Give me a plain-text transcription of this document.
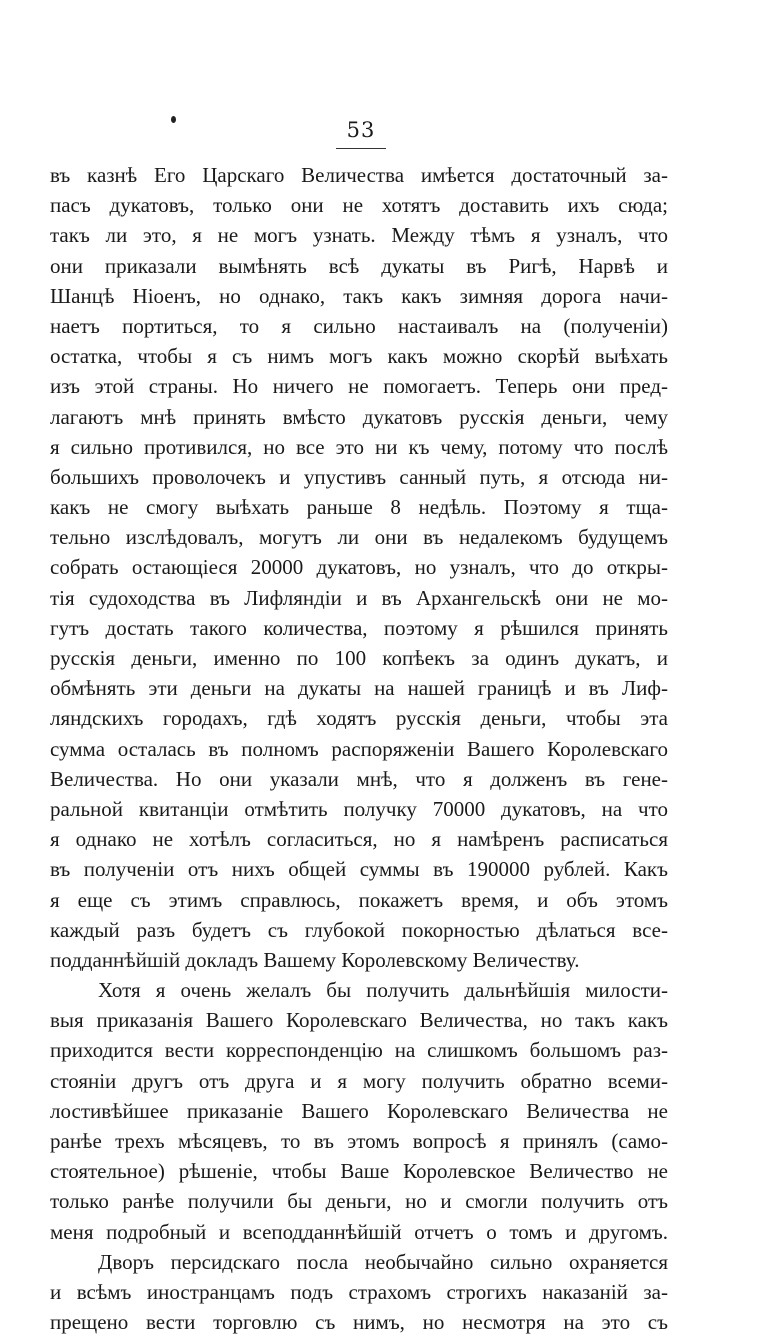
53
въ казнѣ Его Царскаго Величества имѣется достаточный за-
пасъ дукатовъ, только они не хотятъ доставить ихъ сюда;
такъ ли это, я не могъ узнать. Между тѣмъ я узналъ, что
они приказали вымѣнять всѣ дукаты въ Ригѣ, Нарвѣ и
Шанцѣ Ніоенъ, но однако, такъ какъ зимняя дорога начи-
наетъ портиться, то я сильно настаивалъ на (полученіи)
остатка, чтобы я съ нимъ могъ какъ можно скорѣй выѣхать
изъ этой страны. Но ничего не помогаетъ. Теперь они пред-
лагаютъ мнѣ принять вмѣсто дукатовъ русскія деньги, чему
я сильно противился, но все это ни къ чему, потому что послѣ
большихъ проволочекъ и упустивъ санный путь, я отсюда ни-
какъ не смогу выѣхать раньше 8 недѣль. Поэтому я тща-
тельно изслѣдовалъ, могутъ ли они въ недалекомъ будущемъ
собрать остающіеся 20000 дукатовъ, но узналъ, что до откры-
тія судоходства въ Лифляндіи и въ Архангельскѣ они не мо-
гутъ достать такого количества, поэтому я рѣшился принять
русскія деньги, именно по 100 копѣекъ за одинъ дукатъ, и
обмѣнять эти деньги на дукаты на нашей границѣ и въ Лиф-
ляндскихъ городахъ, гдѣ ходятъ русскія деньги, чтобы эта
сумма осталась въ полномъ распоряженіи Вашего Королевскаго
Величества. Но они указали мнѣ, что я долженъ въ гене-
ральной квитанціи отмѣтить получку 70000 дукатовъ, на что
я однако не хотѣлъ согласиться, но я намѣренъ расписаться
въ полученіи отъ нихъ общей суммы въ 190000 рублей. Какъ
я еще съ этимъ справлюсь, покажетъ время, и объ этомъ
каждый разъ будетъ съ глубокой покорностью дѣлаться все-
подданнѣйшій докладъ Вашему Королевскому Величеству.
Хотя я очень желалъ бы получить дальнѣйшія милости-
выя приказанія Вашего Королевскаго Величества, но такъ какъ
приходится вести корреспонденцію на слишкомъ большомъ раз-
стояніи другъ отъ друга и я могу получить обратно всеми-
лостивѣйшее приказаніе Вашего Королевскаго Величества не
ранѣе трехъ мѣсяцевъ, то въ этомъ вопросѣ я принялъ (само-
стоятельное) рѣшеніе, чтобы Ваше Королевское Величество не
только ранѣе получили бы деньги, но и смогли получить отъ
меня подробный и всеподданнѣйшій отчетъ о томъ и другомъ.
Дворъ персидскаго посла необычайно сильно охраняется
и всѣмъ иностранцамъ подъ страхомъ строгихъ наказаній за-
прещено вести торговлю съ нимъ, но несмотря на это съ
